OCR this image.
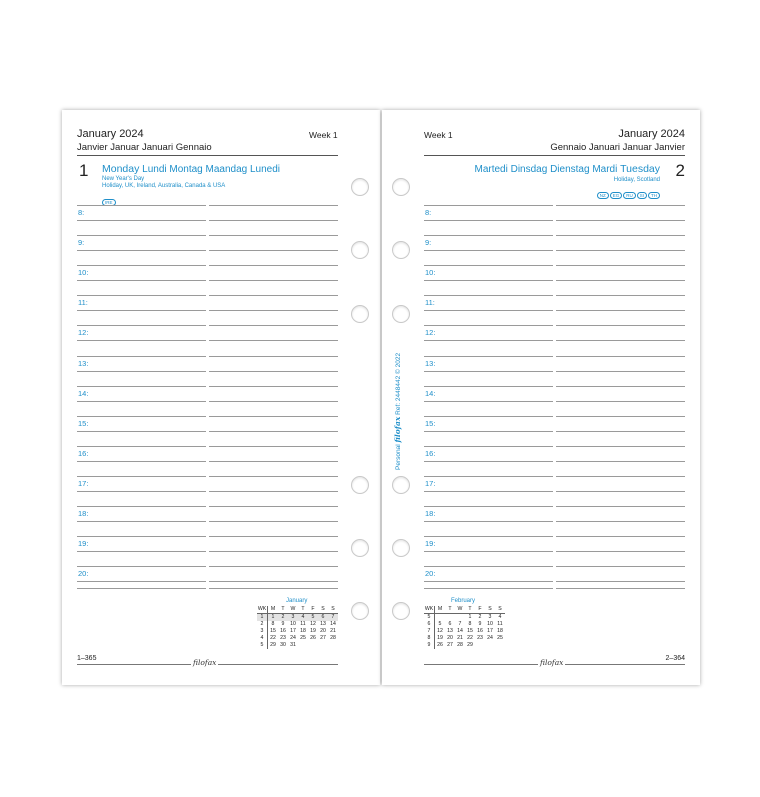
January 2024
Janvier Januar Januari Gennaio
Week 1
1 Monday Lundi Montag Maandag Lunedi
New Year's Day
Holiday, UK, Ireland, Australia, Canada & USA
IRE
Week 1	January 2024
Gennaio Januari Januar Janvier
Martedi Dinsdag Dienstag Mardi Tuesday 2
Holiday, Scotland
NZ EG RU SI TH
8:
9:
10:
11:
12:
13:
14:
15:
16:
17:
18:
19:
20:
8:
9:
10:
11:
12:
13:
14:
15:
16:
17:
18:
19:
20:
Personal filofax Ref: 2448442 © 2022
January
WK	M	T	W	T	F	S	S
1	1	2	3	4	5	6	7
2	8	9	10	11	12	13	14
3	15	16	17	18	19	20	21
4	22	23	24	25	26	27	28
5	29	30	31				
February
WK	M	T	W	T	F	S	S
5				1	2	3	4
6	5	6	7	8	9	10	11
7	12	13	14	15	16	17	18
8	19	20	21	22	23	24	25
9	26	27	28	29			
1–365	filofax	2–364
filofax
